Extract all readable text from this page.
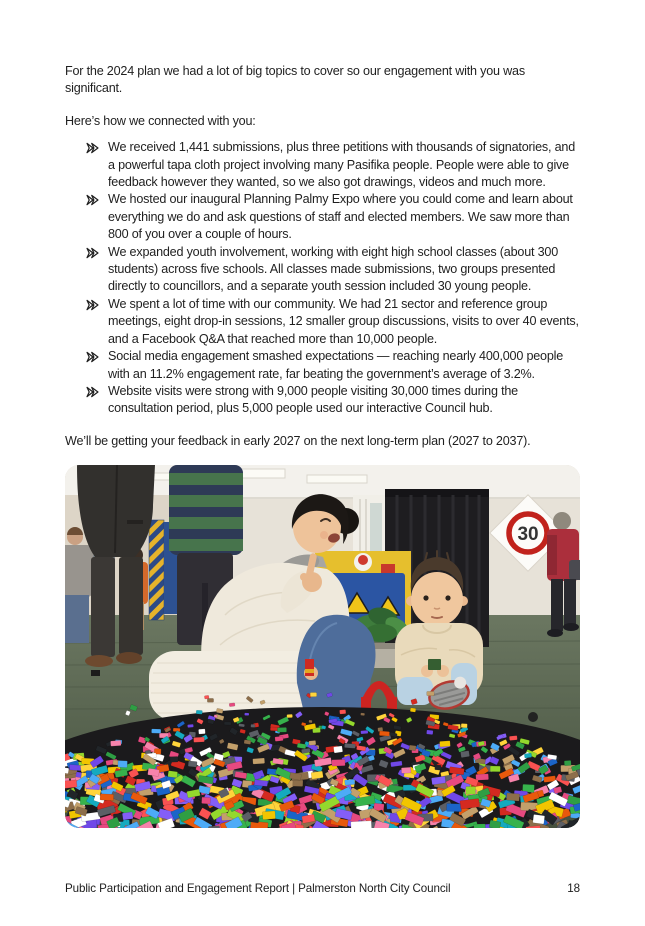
For the 2024 plan we had a lot of big topics to cover so our engagement with you was significant.

Here’s how we connected with you:

We received 1,441 submissions, plus three petitions with thousands of signatories, and a powerful tapa cloth project involving many Pasifika people. People were able to give feedback however they wanted, so we also got drawings, videos and much more.
We hosted our inaugural Planning Palmy Expo where you could come and learn about everything we do and ask questions of staff and elected members. We saw more than 800 of you over a couple of hours.
We expanded youth involvement, working with eight high school classes (about 300 students) across five schools. All classes made submissions, two groups presented directly to councillors, and a separate youth session included 30 young people.
We spent a lot of time with our community. We had 21 sector and reference group meetings, eight drop-in sessions, 12 smaller group discussions, visits to over 40 events, and a Facebook Q&A that reached more than 10,000 people.
Social media engagement smashed expectations — reaching nearly 400,000 people with an 11.2% engagement rate, far beating the government’s average of 3.2%.
Website visits were strong with 9,000 people visiting 30,000 times during the consultation period, plus 5,000 people used our interactive Council hub.

We’ll be getting your feedback in early 2027 on the next long-term plan (2027 to 2037).

30
Public Participation and Engagement Report | Palmerston North City Council	18
